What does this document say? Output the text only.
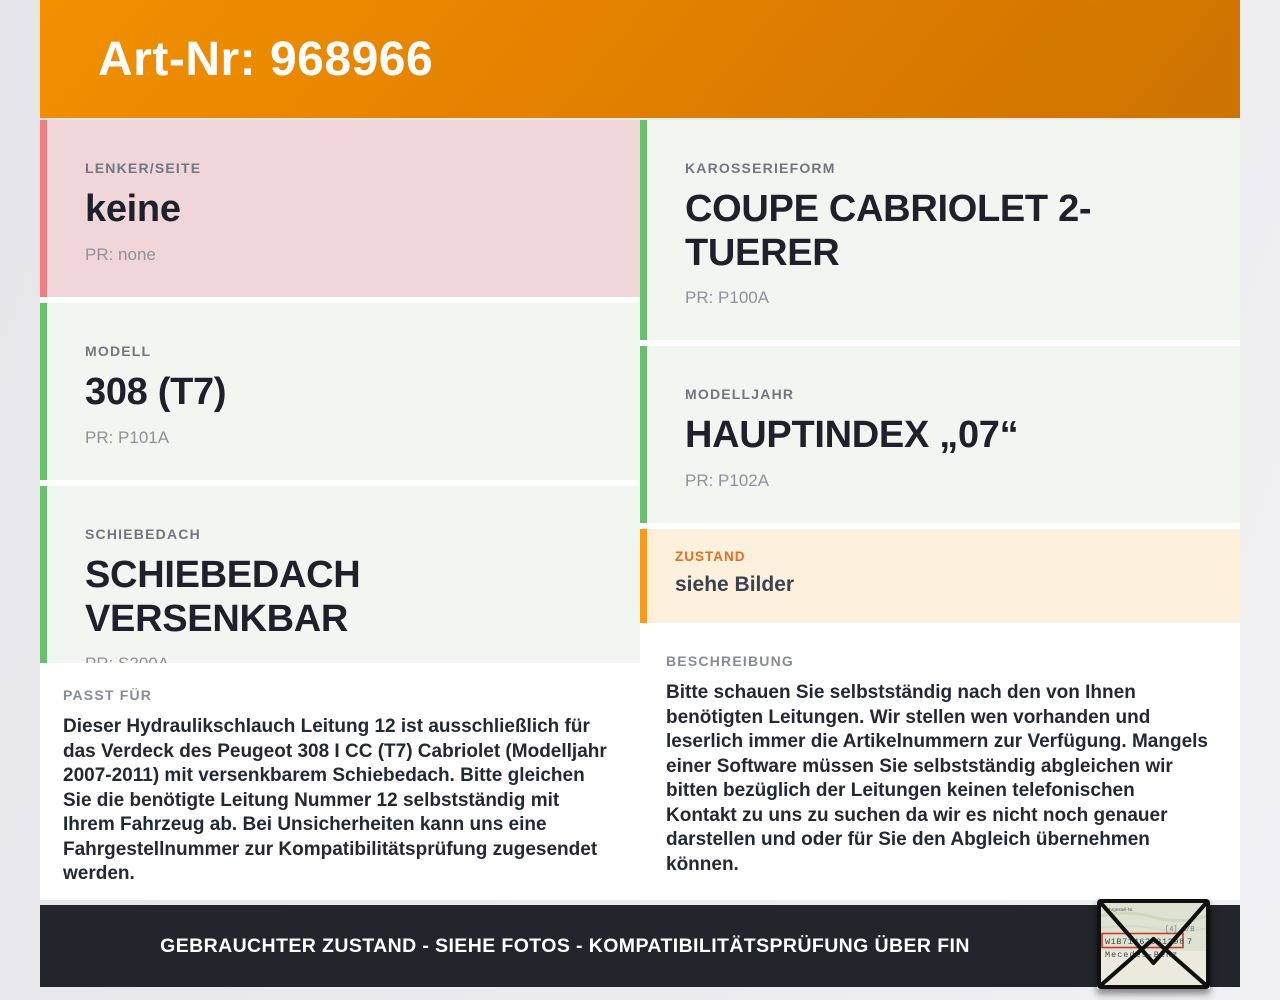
Art-Nr: 968966
LENKER/SEITE
keine
PR: none
MODELL
308 (T7)
PR: P101A
SCHIEBEDACH
SCHIEBEDACH VERSENKBAR
PASST FÜR

Dieser Hydraulikschlauch Leitung 12 ist ausschließlich für das Verdeck des Peugeot 308 I CC (T7) Cabriolet (Modelljahr 2007-2011) mit versenkbarem Schiebedach. Bitte gleichen Sie die benötigte Leitung Nummer 12 selbstständig mit Ihrem Fahrzeug ab. Bei Unsicherheiten kann uns eine Fahrgestellnummer zur Kompatibilitätsprüfung zugesendet werden.

KAROSSERIEFORM
COUPE CABRIOLET 2-TUERER
PR: P100A
MODELLJAHR
HAUPTINDEX „07“
PR: P102A
ZUSTAND
siehe Bilder
BESCHREIBUNG

Bitte schauen Sie selbstständig nach den von Ihnen benötigten Leitungen. Wir stellen wen vorhanden und leserlich immer die Artikelnummern zur Verfügung. Mangels einer Software müssen Sie selbstständig abgleichen wir bitten bezüglich der Leitungen keinen telefonischen Kontakt zu uns zu suchen da wir es nicht noch genauer darstellen und oder für Sie den Abgleich übernehmen können.

GEBRAUCHTER ZUSTAND - SIEHE FOTOS - KOMPATIBILITÄTSPRÜFUNG ÜBER FIN
Fahrgestell-Nr.
[4] A/B
W1B71463J31298 7
Mecedes-Benz
